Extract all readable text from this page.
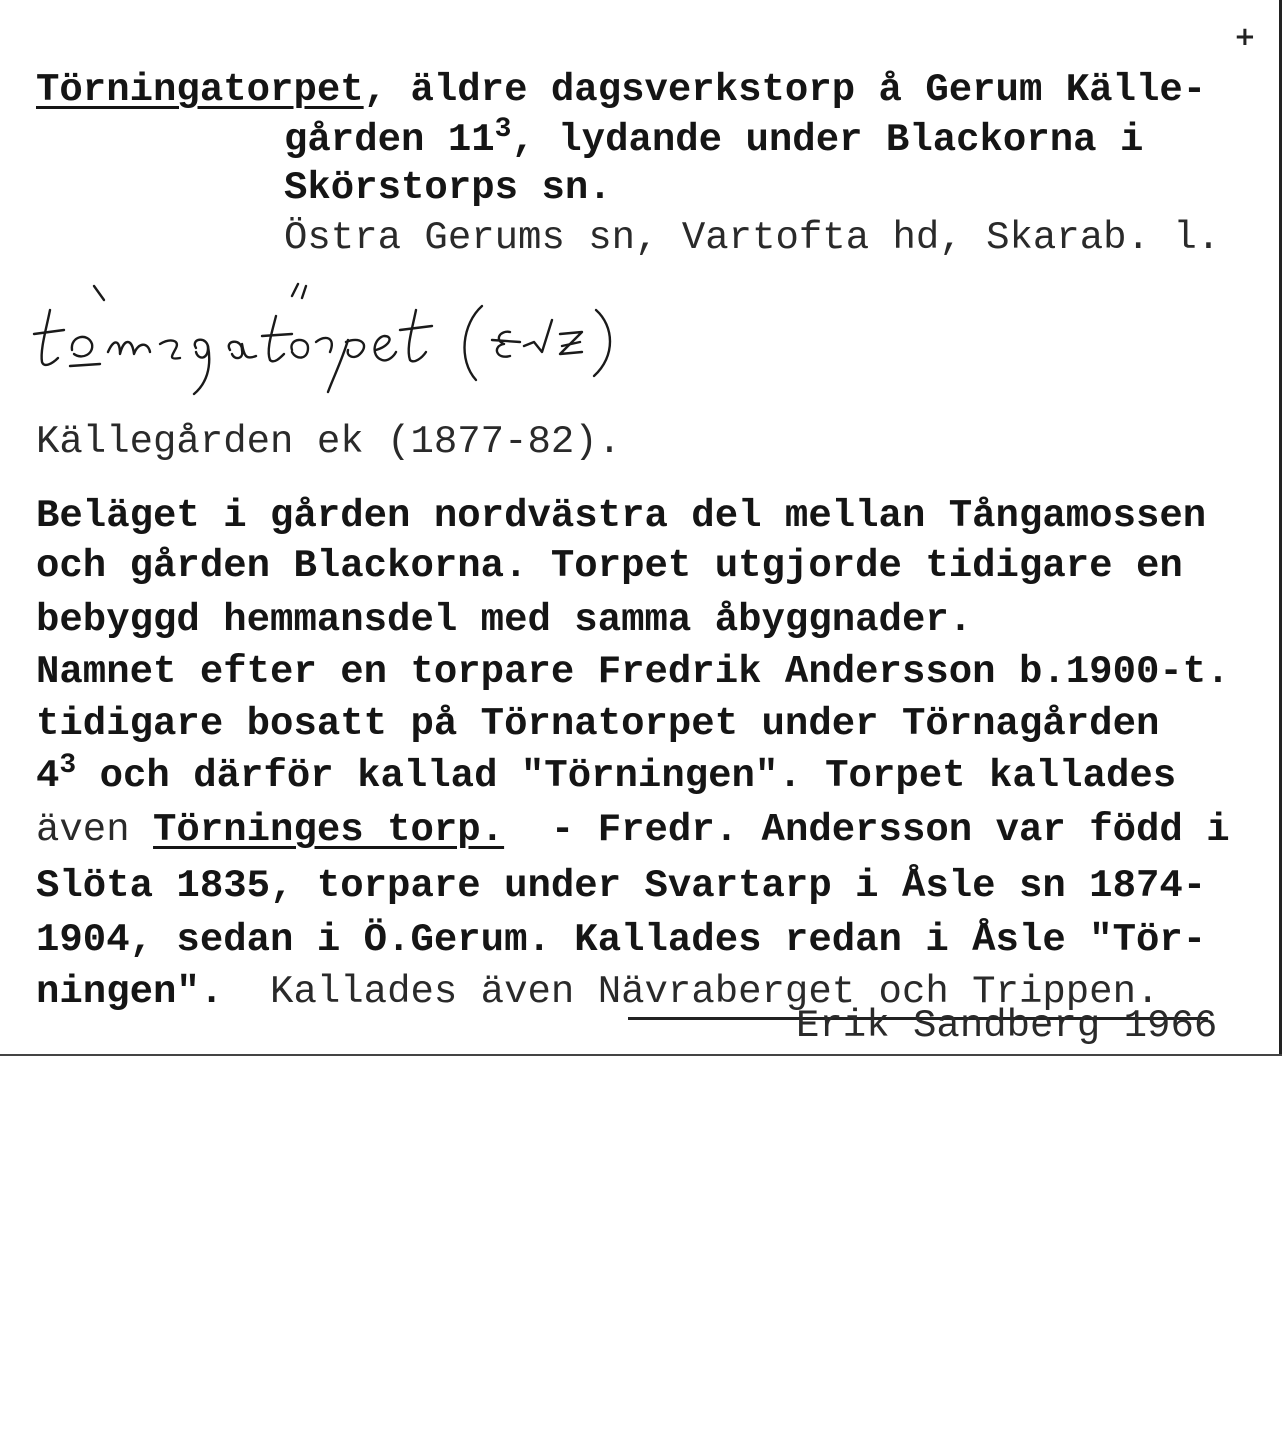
+
Törningatorpet, äldre dagsverkstorp å Gerum Källe-
gården $11^3$, lydande under Blackorna i
Skörstorps sn.
Östra Gerums sn, Vartofta hd, Skarab. l.
Källegården ek (1877-82).
Beläget i gården nordvästra del mellan Tångamossen
och gården Blackorna. Torpet utgjorde tidigare en
bebyggd hemmansdel med samma åbyggnader.
Namnet efter en torpare Fredrik Andersson b.1900-t.
tidigare bosatt på Törnatorpet under Törnagården
$4^3$ och därför kallad "Törningen". Torpet kallades
även Törninges torp.  - Fredr. Andersson var född i
Slöta 1835, torpare under Svartarp i Åsle sn 1874-
1904, sedan i Ö.Gerum. Kallades redan i Åsle "Tör-
ningen".  Kallades även Nävraberget och Trippen.
Erik Sandberg 1966
